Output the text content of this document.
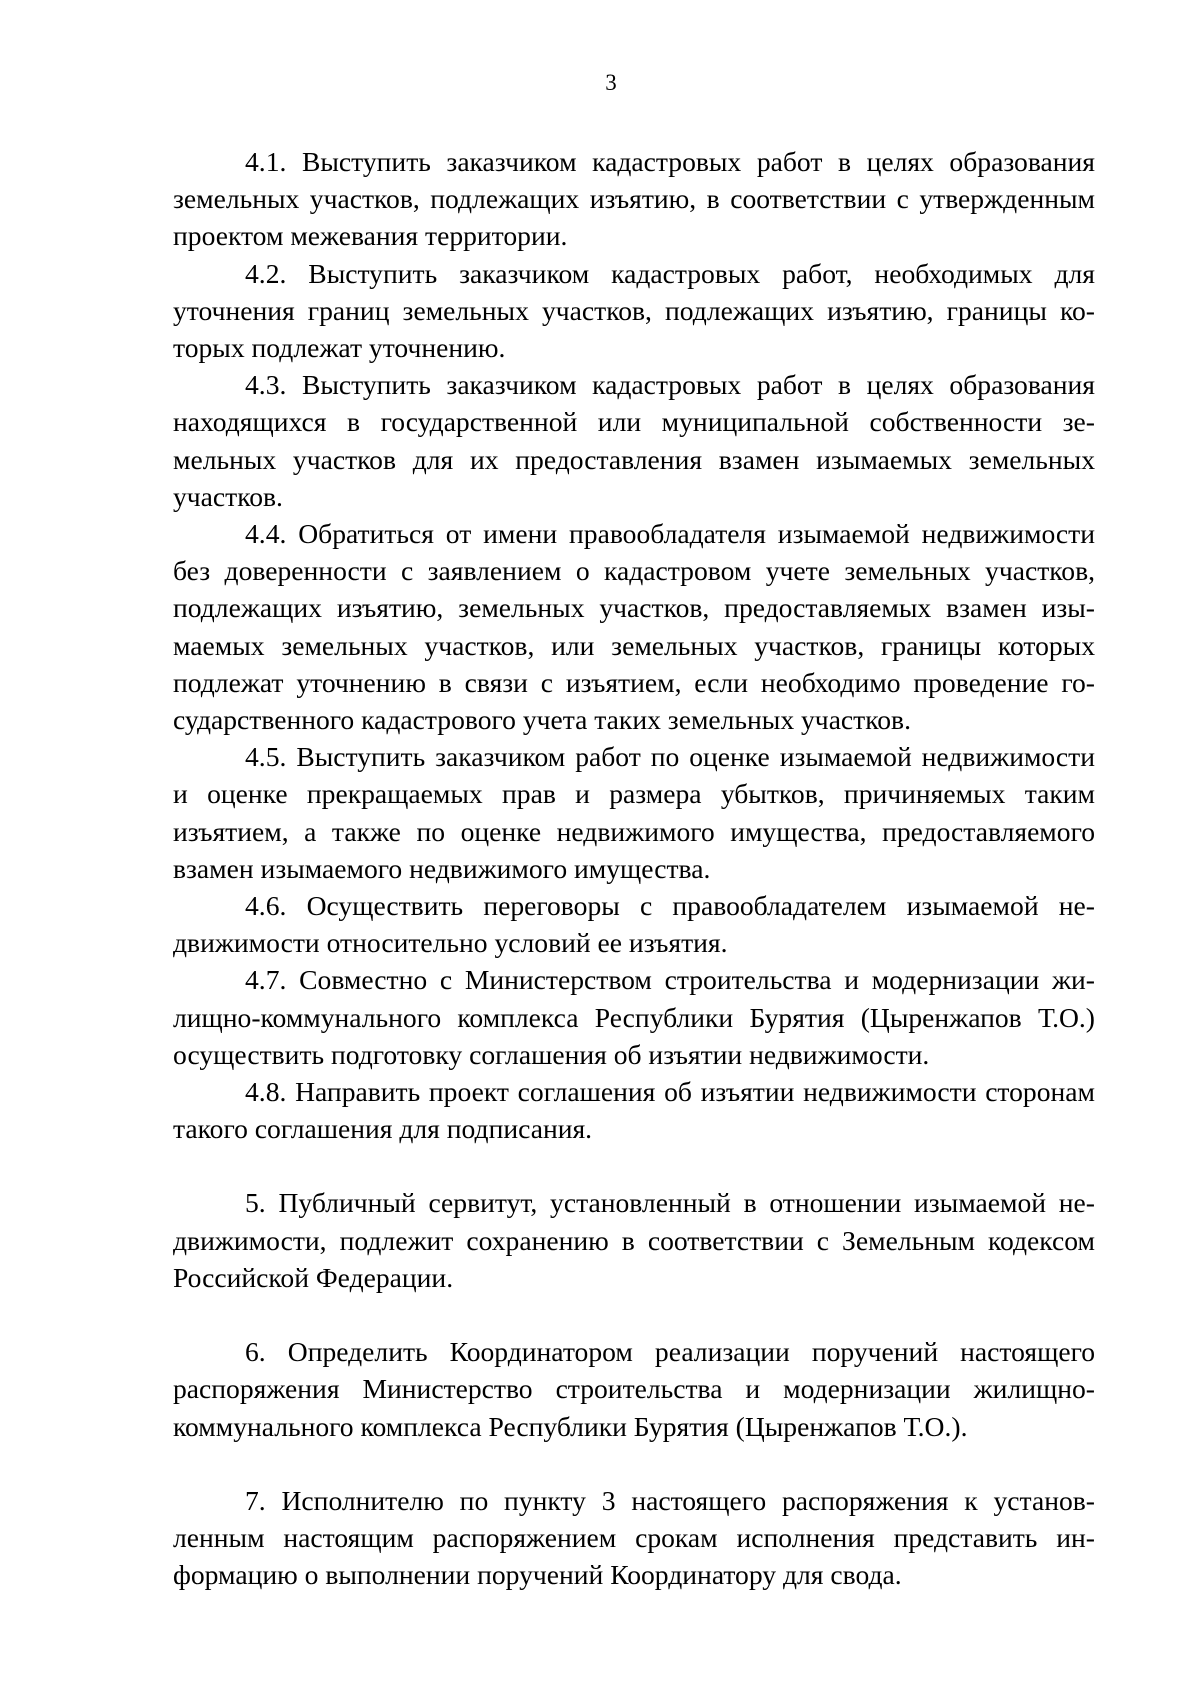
3

4.1. Выступить заказчиком кадастровых работ в целях образования земельных участков, подлежащих изъятию, в соответствии с утвержденным проектом межевания территории.

4.2. Выступить заказчиком кадастровых работ, необходимых для уточнения границ земельных участков, подлежащих изъятию, границы которых подлежат уточнению.

4.3. Выступить заказчиком кадастровых работ в целях образования находящихся в государственной или муниципальной собственности земельных участков для их предоставления взамен изымаемых земельных участков.

4.4. Обратиться от имени правообладателя изымаемой недвижимости без доверенности с заявлением о кадастровом учете земельных участков, подлежащих изъятию, земельных участков, предоставляемых взамен изымаемых земельных участков, или земельных участков, границы которых подлежат уточнению в связи с изъятием, если необходимо проведение государственного кадастрового учета таких земельных участков.

4.5. Выступить заказчиком работ по оценке изымаемой недвижимости и оценке прекращаемых прав и размера убытков, причиняемых таким изъятием, а также по оценке недвижимого имущества, предоставляемого взамен изымаемого недвижимого имущества.

4.6. Осуществить переговоры с правообладателем изымаемой недвижимости относительно условий ее изъятия.

4.7. Совместно с Министерством строительства и модернизации жилищно-коммунального комплекса Республики Бурятия (Цыренжапов Т.О.) осуществить подготовку соглашения об изъятии недвижимости.

4.8. Направить проект соглашения об изъятии недвижимости сторонам такого соглашения для подписания.

5. Публичный сервитут, установленный в отношении изымаемой недвижимости, подлежит сохранению в соответствии с Земельным кодексом Российской Федерации.

6. Определить Координатором реализации поручений настоящего распоряжения Министерство строительства и модернизации жилищно-коммунального комплекса Республики Бурятия (Цыренжапов Т.О.).

7. Исполнителю по пункту 3 настоящего распоряжения к установленным настоящим распоряжением срокам исполнения представить информацию о выполнении поручений Координатору для свода.
